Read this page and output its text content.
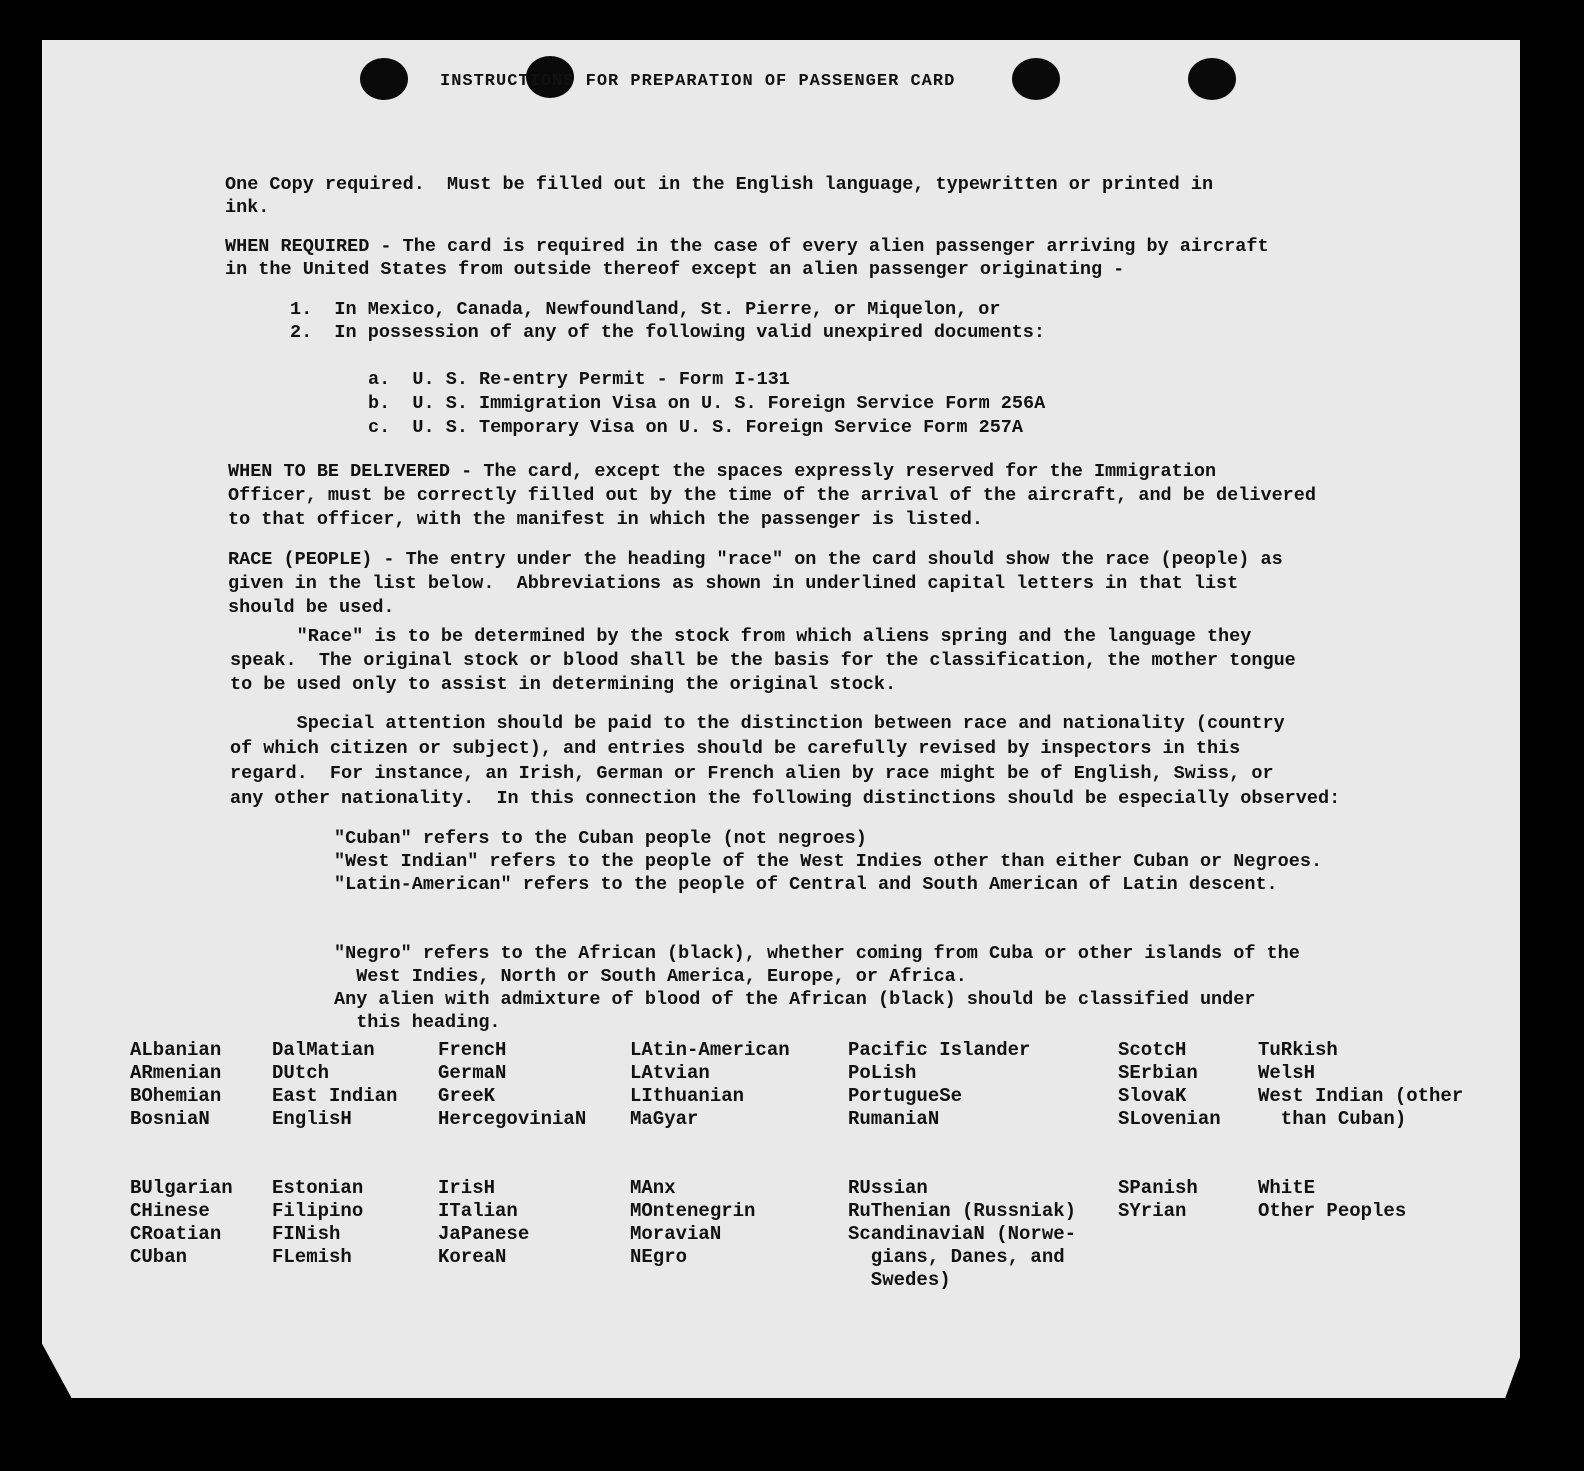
INSTRUCTIONS FOR PREPARATION OF PASSENGER CARD

One Copy required.  Must be filled out in the English language, typewritten or printed in
ink.

WHEN REQUIRED - The card is required in the case of every alien passenger arriving by aircraft
in the United States from outside thereof except an alien passenger originating -

1.  In Mexico, Canada, Newfoundland, St. Pierre, or Miquelon, or
2.  In possession of any of the following valid unexpired documents:

a.  U. S. Re-entry Permit - Form I-131
b.  U. S. Immigration Visa on U. S. Foreign Service Form 256A
c.  U. S. Temporary Visa on U. S. Foreign Service Form 257A

WHEN TO BE DELIVERED - The card, except the spaces expressly reserved for the Immigration
Officer, must be correctly filled out by the time of the arrival of the aircraft, and be delivered
to that officer, with the manifest in which the passenger is listed.

RACE (PEOPLE) - The entry under the heading "race" on the card should show the race (people) as
given in the list below.  Abbreviations as shown in underlined capital letters in that list
should be used.

"Race" is to be determined by the stock from which aliens spring and the language they
speak.  The original stock or blood shall be the basis for the classification, the mother tongue
to be used only to assist in determining the original stock.

Special attention should be paid to the distinction between race and nationality (country
of which citizen or subject), and entries should be carefully revised by inspectors in this
regard.  For instance, an Irish, German or French alien by race might be of English, Swiss, or
any other nationality.  In this connection the following distinctions should be especially observed:

"Cuban" refers to the Cuban people (not negroes)
"West Indian" refers to the people of the West Indies other than either Cuban or Negroes.
"Latin-American" refers to the people of Central and South American of Latin descent.

"Negro" refers to the African (black), whether coming from Cuba or other islands of the
West Indies, North or South America, Europe, or Africa.
Any alien with admixture of blood of the African (black) should be classified under
this heading.

ALbanian
ARmenian
BOhemian
BosniaN

BUlgarian
CHinese
CRoatian
CUban

DalMatian
DUtch
East Indian
EnglisH

Estonian
Filipino
FINish
FLemish

FrencH
GermaN
GreeK
HercegoviniaN

IrisH
ITalian
JaPanese
KoreaN

LAtin-American
LAtvian
LIthuanian
MaGyar

MAnx
MOntenegrin
MoraviaN
NEgro

Pacific Islander
PoLish
PortugueSe
RumaniaN

RUssian
RuThenian (Russniak)
ScandinaviaN (Norwe-
gians, Danes, and
Swedes)

ScotcH
SErbian
SlovaK
SLovenian

SPanish
SYrian

TuRkish
WelsH
West Indian (other
than Cuban)

WhitE
Other Peoples
